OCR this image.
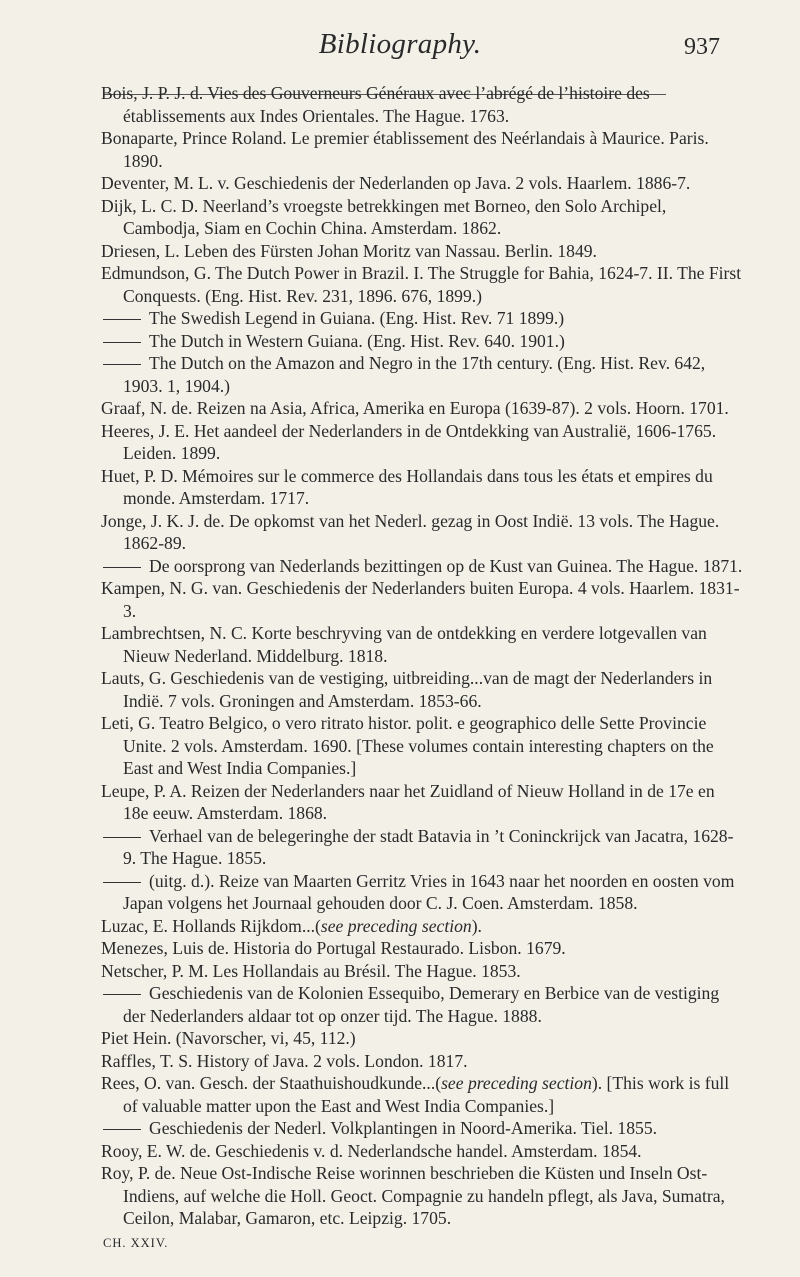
Bibliography.	937

Bois, J. P. J. d. Vies des Gouverneurs Généraux avec l’abrégé de l’histoire des établissements aux Indes Orientales. The Hague. 1763.

Bonaparte, Prince Roland. Le premier établissement des Neérlandais à Maurice. Paris. 1890.

Deventer, M. L. v. Geschiedenis der Nederlanden op Java. 2 vols. Haarlem. 1886-7.

Dijk, L. C. D. Neerland’s vroegste betrekkingen met Borneo, den Solo Archipel, Cambodja, Siam en Cochin China. Amsterdam. 1862.

Driesen, L. Leben des Fürsten Johan Moritz van Nassau. Berlin. 1849.

Edmundson, G. The Dutch Power in Brazil. I. The Struggle for Bahia, 1624-7. II. The First Conquests. (Eng. Hist. Rev. 231, 1896. 676, 1899.)

The Swedish Legend in Guiana. (Eng. Hist. Rev. 71 1899.)

The Dutch in Western Guiana. (Eng. Hist. Rev. 640. 1901.)

The Dutch on the Amazon and Negro in the 17th century. (Eng. Hist. Rev. 642, 1903. 1, 1904.)

Graaf, N. de. Reizen na Asia, Africa, Amerika en Europa (1639-87). 2 vols. Hoorn. 1701.

Heeres, J. E. Het aandeel der Nederlanders in de Ontdekking van Australië, 1606-1765. Leiden. 1899.

Huet, P. D. Mémoires sur le commerce des Hollandais dans tous les états et empires du monde. Amsterdam. 1717.

Jonge, J. K. J. de. De opkomst van het Nederl. gezag in Oost Indië. 13 vols. The Hague. 1862-89.

De oorsprong van Nederlands bezittingen op de Kust van Guinea. The Hague. 1871.

Kampen, N. G. van. Geschiedenis der Nederlanders buiten Europa. 4 vols. Haarlem. 1831-3.

Lambrechtsen, N. C. Korte beschryving van de ontdekking en verdere lotgevallen van Nieuw Nederland. Middelburg. 1818.

Lauts, G. Geschiedenis van de vestiging, uitbreiding...van de magt der Nederlanders in Indië. 7 vols. Groningen and Amsterdam. 1853-66.

Leti, G. Teatro Belgico, o vero ritrato histor. polit. e geographico delle Sette Provincie Unite. 2 vols. Amsterdam. 1690. [These volumes contain interesting chapters on the East and West India Companies.]

Leupe, P. A. Reizen der Nederlanders naar het Zuidland of Nieuw Holland in de 17e en 18e eeuw. Amsterdam. 1868.

Verhael van de belegeringhe der stadt Batavia in ’t Coninckrijck van Jacatra, 1628-9. The Hague. 1855.

(uitg. d.). Reize van Maarten Gerritz Vries in 1643 naar het noorden en oosten vom Japan volgens het Journaal gehouden door C. J. Coen. Amsterdam. 1858.

Luzac, E. Hollands Rijkdom...(see preceding section).

Menezes, Luis de. Historia do Portugal Restaurado. Lisbon. 1679.

Netscher, P. M. Les Hollandais au Brésil. The Hague. 1853.

Geschiedenis van de Kolonien Essequibo, Demerary en Berbice van de vestiging der Nederlanders aldaar tot op onzer tijd. The Hague. 1888.

Piet Hein. (Navorscher, vi, 45, 112.)

Raffles, T. S. History of Java. 2 vols. London. 1817.

Rees, O. van. Gesch. der Staathuishoudkunde...(see preceding section). [This work is full of valuable matter upon the East and West India Companies.]

Geschiedenis der Nederl. Volkplantingen in Noord-Amerika. Tiel. 1855.

Rooy, E. W. de. Geschiedenis v. d. Nederlandsche handel. Amsterdam. 1854.

Roy, P. de. Neue Ost-Indische Reise worinnen beschrieben die Küsten und Inseln Ost-Indiens, auf welche die Holl. Geoct. Compagnie zu handeln pflegt, als Java, Sumatra, Ceilon, Malabar, Gamaron, etc. Leipzig. 1705.

CH. XXIV.
